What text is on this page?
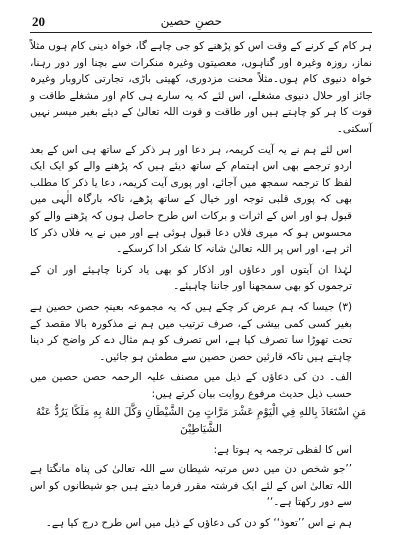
20	حصنِ حصین

ہر کام کے کرنے کے وقت اس کو پڑھنے کو جی چاہے گا، خواہ دینی کام ہوں مثلاً نماز، روزہ وغیرہ اور گناہوں، معصیتوں وغیرہ منکرات سے بچنا اور دور رہنا، خواہ دنیوی کام ہوں۔مثلاً محنت مزدوری، کھیتی باڑی، تجارتی کاروبار وغیرہ جائز اور حلال دنیوی مشغلے، اس لئے کہ یہ سارے ہی کام اور مشغلے طاقت و قوت کا ہر کو چاہتے ہیں اور طاقت و قوت اللہ تعالیٰ کے دیئے بغیر میسر نہیں آسکتی۔

اس لئے ہم نے یہ آیت کریمہ، ہر دعا اور ہر ذکر کے ساتھ ہی اس کے بعد اردو ترجمے بھی اس اہتمام کے ساتھ دیئے ہیں کہ پڑھنے والے کو ایک ایک لفظ کا ترجمہ سمجھ میں آجائے، اور پوری آیت کریمہ، دعا یا ذکر کا مطلب بھی کہ پوری قلبی توجہ اور خیال کے ساتھ پڑھے، تاکہ بارگاہ الٰہی میں قبول ہو اور اس کے اثرات و برکات اس طرح حاصل ہوں کہ پڑھنے والے کو محسوس ہو کہ میری فلاں دعا قبول ہوئی ہے اور میں نے یہ فلاں ذکر کا اثر ہے، اور اس پر اللہ تعالیٰ شانہ کا شکر ادا کرسکے۔

لہٰذا ان آیتوں اور دعاؤں اور اذکار کو بھی یاد کرنا چاہیئے اور ان کے ترجموں کو بھی سمجھنا اور جاننا چاہیئے۔

(۳) جیسا کہ ہم عرض کر چکے ہیں کہ یہ مجموعہ بعینہٖ حصن حصین ہے بغیر کسی کمی بیشی کے، صرف ترتیب میں ہم نے مذکورہ بالا مقصد کے تحت تھوڑا سا تصرف کیا ہے، اس تصرف کو ہم مثال دے کر واضح کر دینا چاہتے ہیں تاکہ قارئین حصن حصین سے مطمئن ہو جائیں۔

الف۔ دن کی دعاؤں کے ذیل میں مصنف علیہ الرحمہ حصن حصین میں حسب ذیل حدیث مرفوع روایت بیان کرتے ہیں:

مَنِ اسْتَعَاذَ بِاللهِ فِي الْيَوْمِ عَشْرَ مَرَّاتٍ مِنَ الشَّيْطَانِ وَكَّلَ اللهُ بِهِ مَلَكًا يَرُدُّ عَنْهُ الشَّيَاطِيْنَ

اس کا لفظی ترجمہ یہ ہوتا ہے:

’’جو شخص دن میں دس مرتبہ شیطان سے اللہ تعالیٰ کی پناہ مانگتا ہے اللہ تعالیٰ اس کے لئے ایک فرشتہ مقرر فرما دیتے ہیں جو شیطانوں کو اس سے دور رکھتا ہے۔‘‘

ہم نے اس ’’تعوذ‘‘ کو دن کی دعاؤں کے ذیل میں اس طرح درج کیا ہے۔
